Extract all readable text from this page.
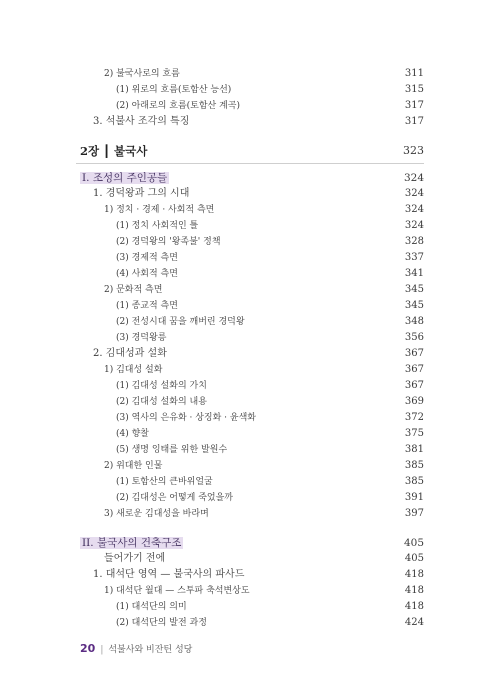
2) 불국사로의 흐름	311
(1) 위로의 흐름(토함산 능선)	315
(2) 아래로의 흐름(토함산 계곡)	317
3. 석불사 조각의 특징	317
2장 ┃ 불국사	323
I. 조성의 주인공들	324
1. 경덕왕과 그의 시대	324
1) 정치 · 경제 · 사회적 측면	324
(1) 정치 사회적인 틀	324
(2) 경덕왕의 '왕족불' 정책	328
(3) 경제적 측면	337
(4) 사회적 측면	341
2) 문화적 측면	345
(1) 종교적 측면	345
(2) 전성시대 꿈을 깨버린 경덕왕	348
(3) 경덕왕릉	356
2. 김대성과 설화	367
1) 김대성 설화	367
(1) 김대성 설화의 가치	367
(2) 김대성 설화의 내용	369
(3) 역사의 은유화 · 상징화 · 윤색화	372
(4) 향찰	375
(5) 생명 잉태를 위한 발원수	381
2) 위대한 인물	385
(1) 토함산의 큰바위얼굴	385
(2) 김대성은 어떻게 죽었을까	391
3) 새로운 김대성을 바라며	397
II. 불국사의 건축구조	405
들어가기 전에	405
1. 대석단 영역 — 불국사의 파사드	418
1) 대석단 월대 — 스투파 축석변상도	418
(1) 대석단의 의미	418
(2) 대석단의 발전 과정	424
20 | 석불사와 비잔틴 성당
